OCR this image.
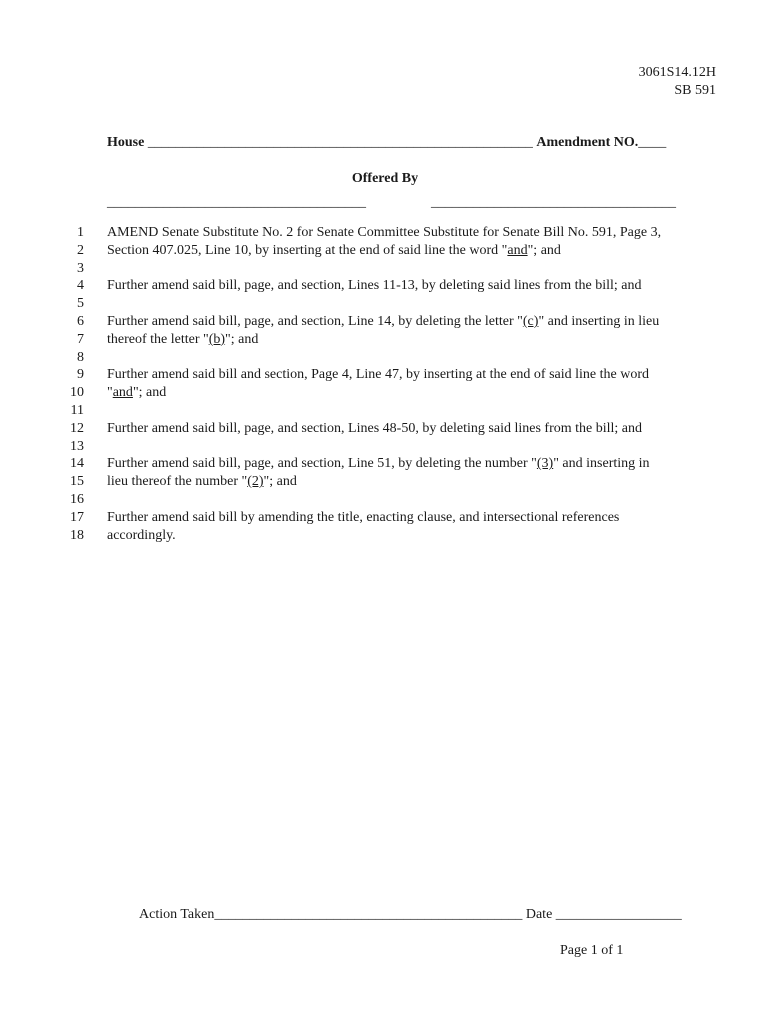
3061S14.12H
SB 591
House _______________________________________________________ Amendment NO.____
Offered By
_____________________________________	___________________________________
1
2
3
4
5
6
7
8
9
10
11
12
13
14
15
16
17
18
AMEND Senate Substitute No. 2 for Senate Committee Substitute for Senate Bill No. 591, Page 3,
Section 407.025, Line 10, by inserting at the end of said line the word "and"; and
Further amend said bill, page, and section, Lines 11-13, by deleting said lines from the bill; and
Further amend said bill, page, and section, Line 14, by deleting the letter "(c)" and inserting in lieu
thereof the letter "(b)"; and
Further amend said bill and section, Page 4, Line 47, by inserting at the end of said line the word
"and"; and
Further amend said bill, page, and section, Lines 48-50, by deleting said lines from the bill; and
Further amend said bill, page, and section, Line 51, by deleting the number "(3)" and inserting in
lieu thereof the number "(2)"; and
Further amend said bill by amending the title, enacting clause, and intersectional references
accordingly.
Action Taken____________________________________________ Date __________________
Page 1 of 1
